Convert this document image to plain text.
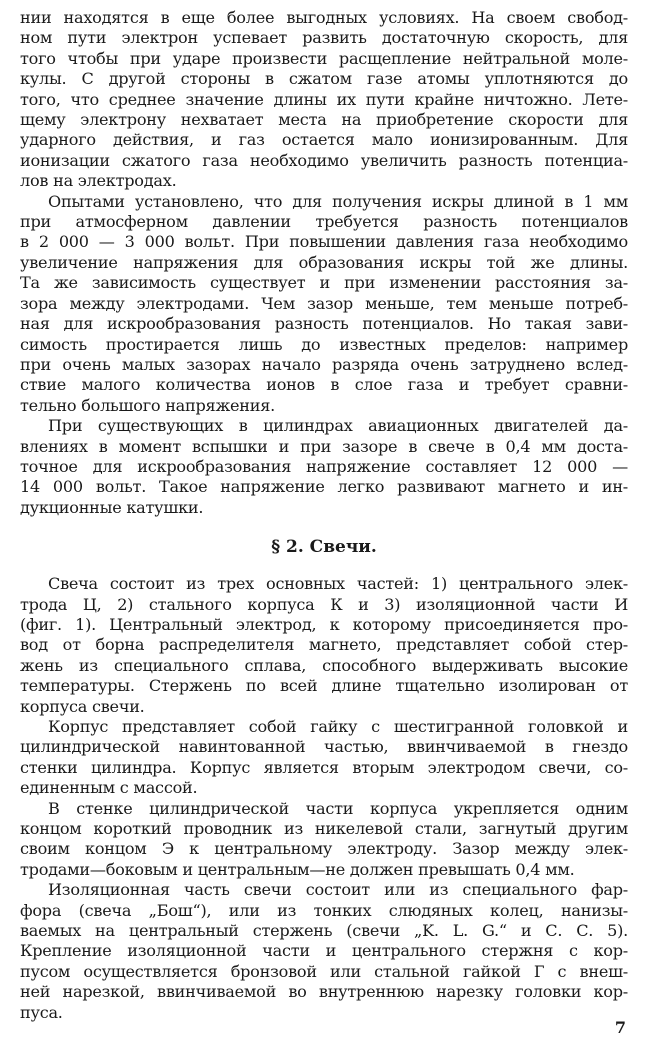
нии находятся в еще более выгодных условиях. На своем свобод-
ном пути электрон успевает развить достаточную скорость, для
того чтобы при ударе произвести расщепление нейтральной моле-
кулы. С другой стороны в сжатом газе атомы уплотняются до
того, что среднее значение длины их пути крайне ничтожно. Лете-
щему электрону нехватает места на приобретение скорости для
ударного действия, и газ остается мало ионизированным. Для
ионизации сжатого газа необходимо увеличить разность потенциа-
лов на электродах.

Опытами установлено, что для получения искры длиной в 1 мм
при атмосферном давлении требуется разность потенциалов
в 2 000 — 3 000 вольт. При повышении давления газа необходимо
увеличение напряжения для образования искры той же длины.
Та же зависимость существует и при изменении расстояния за-
зора между электродами. Чем зазор меньше, тем меньше потреб-
ная для искрообразования разность потенциалов. Но такая зави-
симость простирается лишь до известных пределов: например
при очень малых зазорах начало разряда очень затруднено вслед-
ствие малого количества ионов в слое газа и требует сравни-
тельно большого напряжения.

При существующих в цилиндрах авиационных двигателей да-
влениях в момент вспышки и при зазоре в свече в 0,4 мм доста-
точное для искрообразования напряжение составляет 12 000 —
14 000 вольт. Такое напряжение легко развивают магнето и ин-
дукционные катушки.

§ 2. Свечи.

Свеча состоит из трех основных частей: 1) центрального элек-
трода Ц, 2) стального корпуса К и 3) изоляционной части И
(фиг. 1). Центральный электрод, к которому присоединяется про-
вод от борна распределителя магнето, представляет собой стер-
жень из специального сплава, способного выдерживать высокие
температуры. Стержень по всей длине тщательно изолирован от
корпуса свечи.

Корпус представляет собой гайку с шестигранной головкой и
цилиндрической навинтованной частью, ввинчиваемой в гнездо
стенки цилиндра. Корпус является вторым электродом свечи, со-
единенным с массой.

В стенке цилиндрической части корпуса укрепляется одним
концом короткий проводник из никелевой стали, загнутый другим
своим концом Э к центральному электроду. Зазор между элек-
тродами—боковым и центральным—не должен превышать 0,4 мм.

Изоляционная часть свечи состоит или из специального фар-
фора (свеча „Бош“), или из тонких слюдяных колец, нанизы-
ваемых на центральный стержень (свечи „K. L. G.“ и С. С. 5).
Крепление изоляционной части и центрального стержня с кор-
пусом осуществляется бронзовой или стальной гайкой Г с внеш-
ней нарезкой, ввинчиваемой во внутреннюю нарезку головки кор-
пуса.

7
